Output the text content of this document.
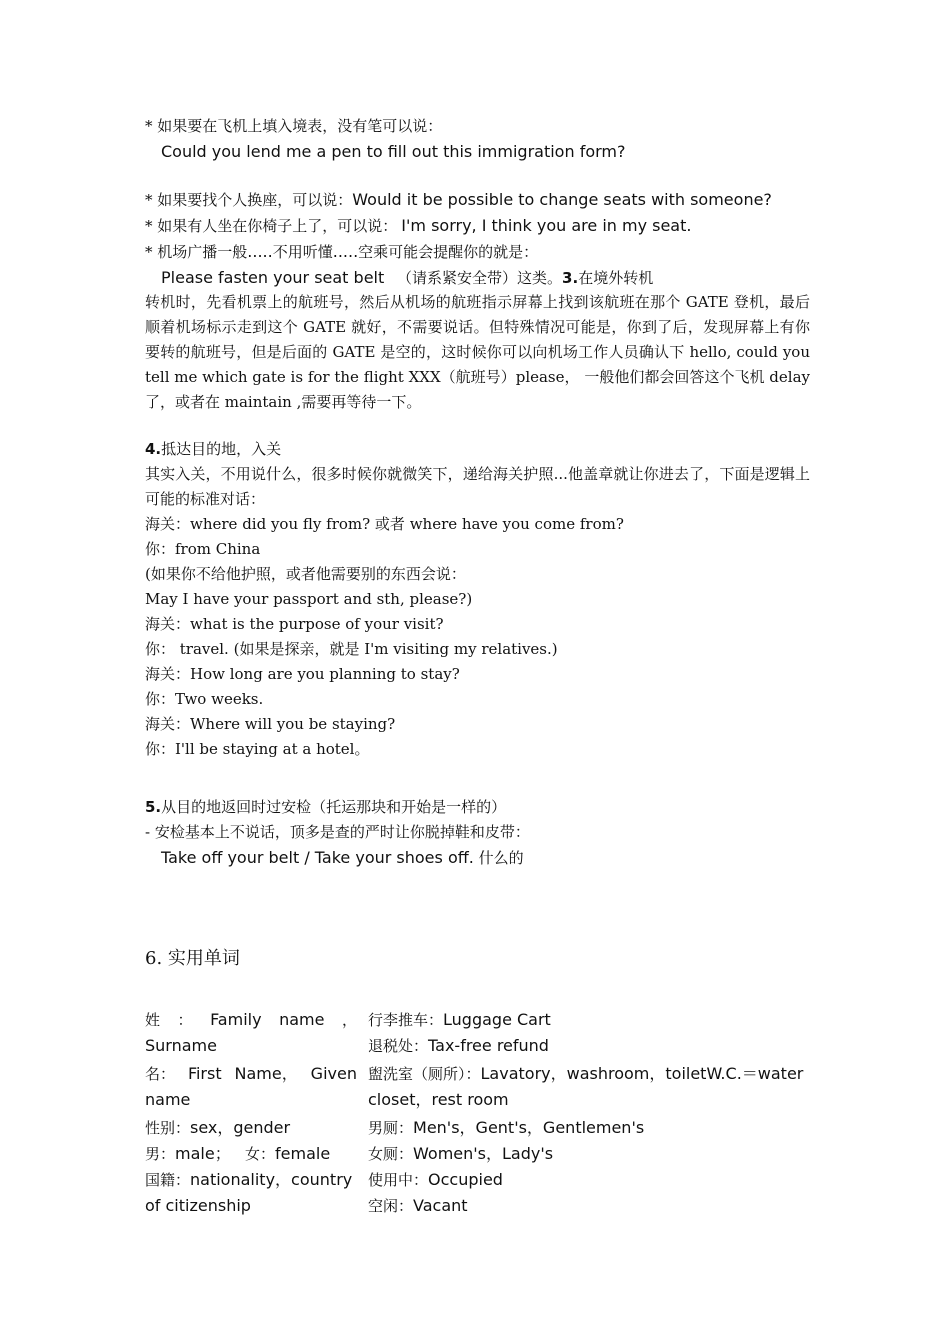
* 如果要在飞机上填入境表，没有笔可以说：
Could you lend me a pen to fill out this immigration form?
* 如果要找个人换座，可以说：Would it be possible to change seats with someone?
* 如果有人坐在你椅子上了，可以说： I'm sorry, I think you are in my seat.
* 机场广播一般.....不用听懂.....空乘可能会提醒你的就是：
Please fasten your seat belt （请系紧安全带）这类。3.在境外转机
转机时，先看机票上的航班号，然后从机场的航班指示屏幕上找到该航班在那个 GATE 登机，最后顺着机场标示走到这个 GATE 就好，不需要说话。但特殊情况可能是，你到了后，发现屏幕上有你要转的航班号，但是后面的 GATE 是空的，这时候你可以向机场工作人员确认下 hello, could you tell me which gate is for the flight XXX（航班号）please， 一般他们都会回答这个飞机 delay 了，或者在 maintain ,需要再等待一下。
4.抵达目的地，入关
其实入关，不用说什么，很多时候你就微笑下，递给海关护照...他盖章就让你进去了，下面是逻辑上可能的标准对话：
海关：where did you fly from? 或者 where have you come from?
你：from China
(如果你不给他护照，或者他需要别的东西会说：
May I have your passport and sth, please?)
海关：what is the purpose of your visit?
你： travel. (如果是探亲，就是 I'm visiting my relatives.)
海关：How long are you planning to stay?
你：Two weeks.
海关：Where will you be staying?
你：I'll be staying at a hotel。
5.从目的地返回时过安检（托运那块和开始是一样的）
- 安检基本上不说话，顶多是查的严时让你脱掉鞋和皮带：
Take off your belt / Take your shoes off. 什么的
6. 实用单词
姓 ： Family name ，
Surname
名： First Name， Given
name
性别：sex，gender
男：male； 女：female
国籍：nationality，country
of citizenship
行李推车：Luggage Cart
退税处：Tax-free refund
盥洗室（厕所）：Lavatory，washroom，toiletW.C.＝water
closet，rest room
男厕：Men's，Gent's，Gentlemen's
女厕：Women's，Lady's
使用中：Occupied
空闲：Vacant
